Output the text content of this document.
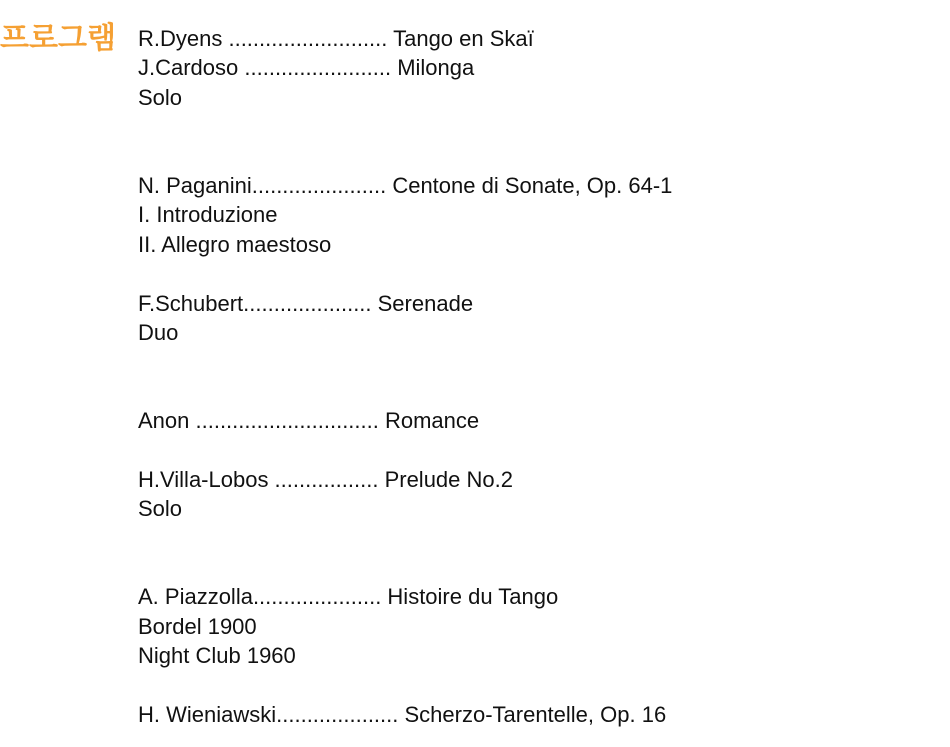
프로그램 R.Dyens .......................... Tango en Skaï
J.Cardoso ........................ Milonga
Solo
N. Paganini...................... Centone di Sonate, Op. 64-1
I. Introduzione
II. Allegro maestoso
F.Schubert..................... Serenade
Duo
Anon .............................. Romance
H.Villa-Lobos ................. Prelude No.2
Solo
A. Piazzolla..................... Histoire du Tango
Bordel 1900
Night Club 1960
H. Wieniawski.................... Scherzo-Tarentelle, Op. 16
